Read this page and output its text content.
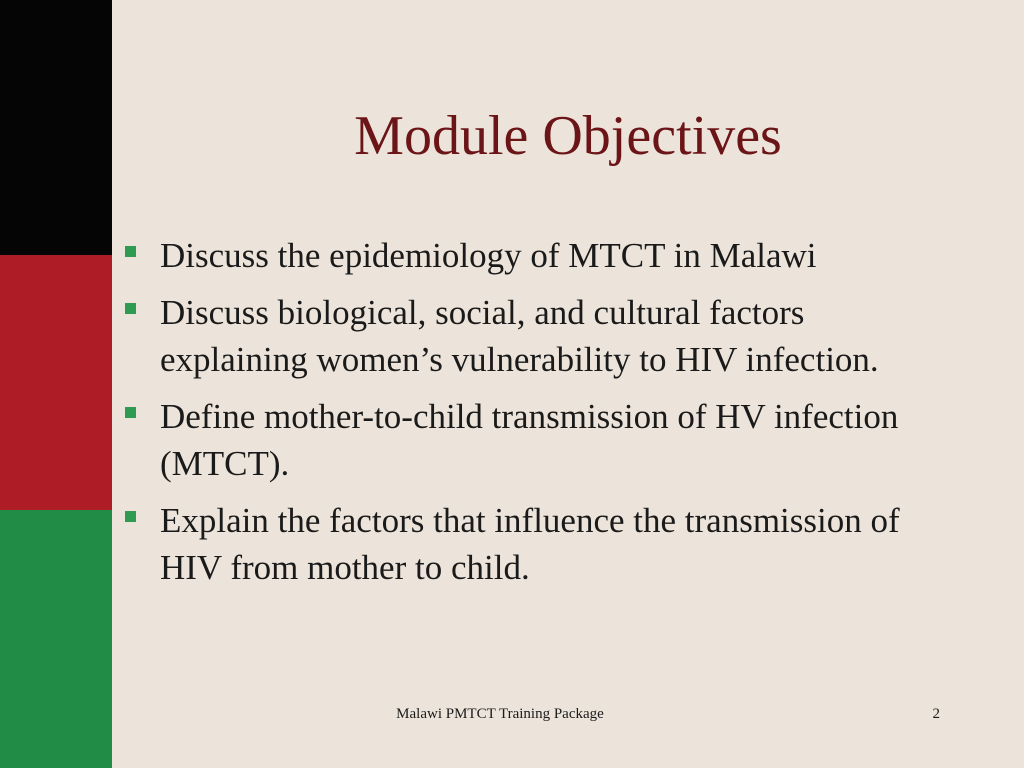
Module Objectives
Discuss the epidemiology of MTCT in Malawi
Discuss biological, social, and cultural factors explaining women’s vulnerability to HIV infection.
Define mother-to-child transmission of HV infection (MTCT).
Explain the factors that influence the transmission of HIV from mother to child.
Malawi PMTCT Training Package	2
